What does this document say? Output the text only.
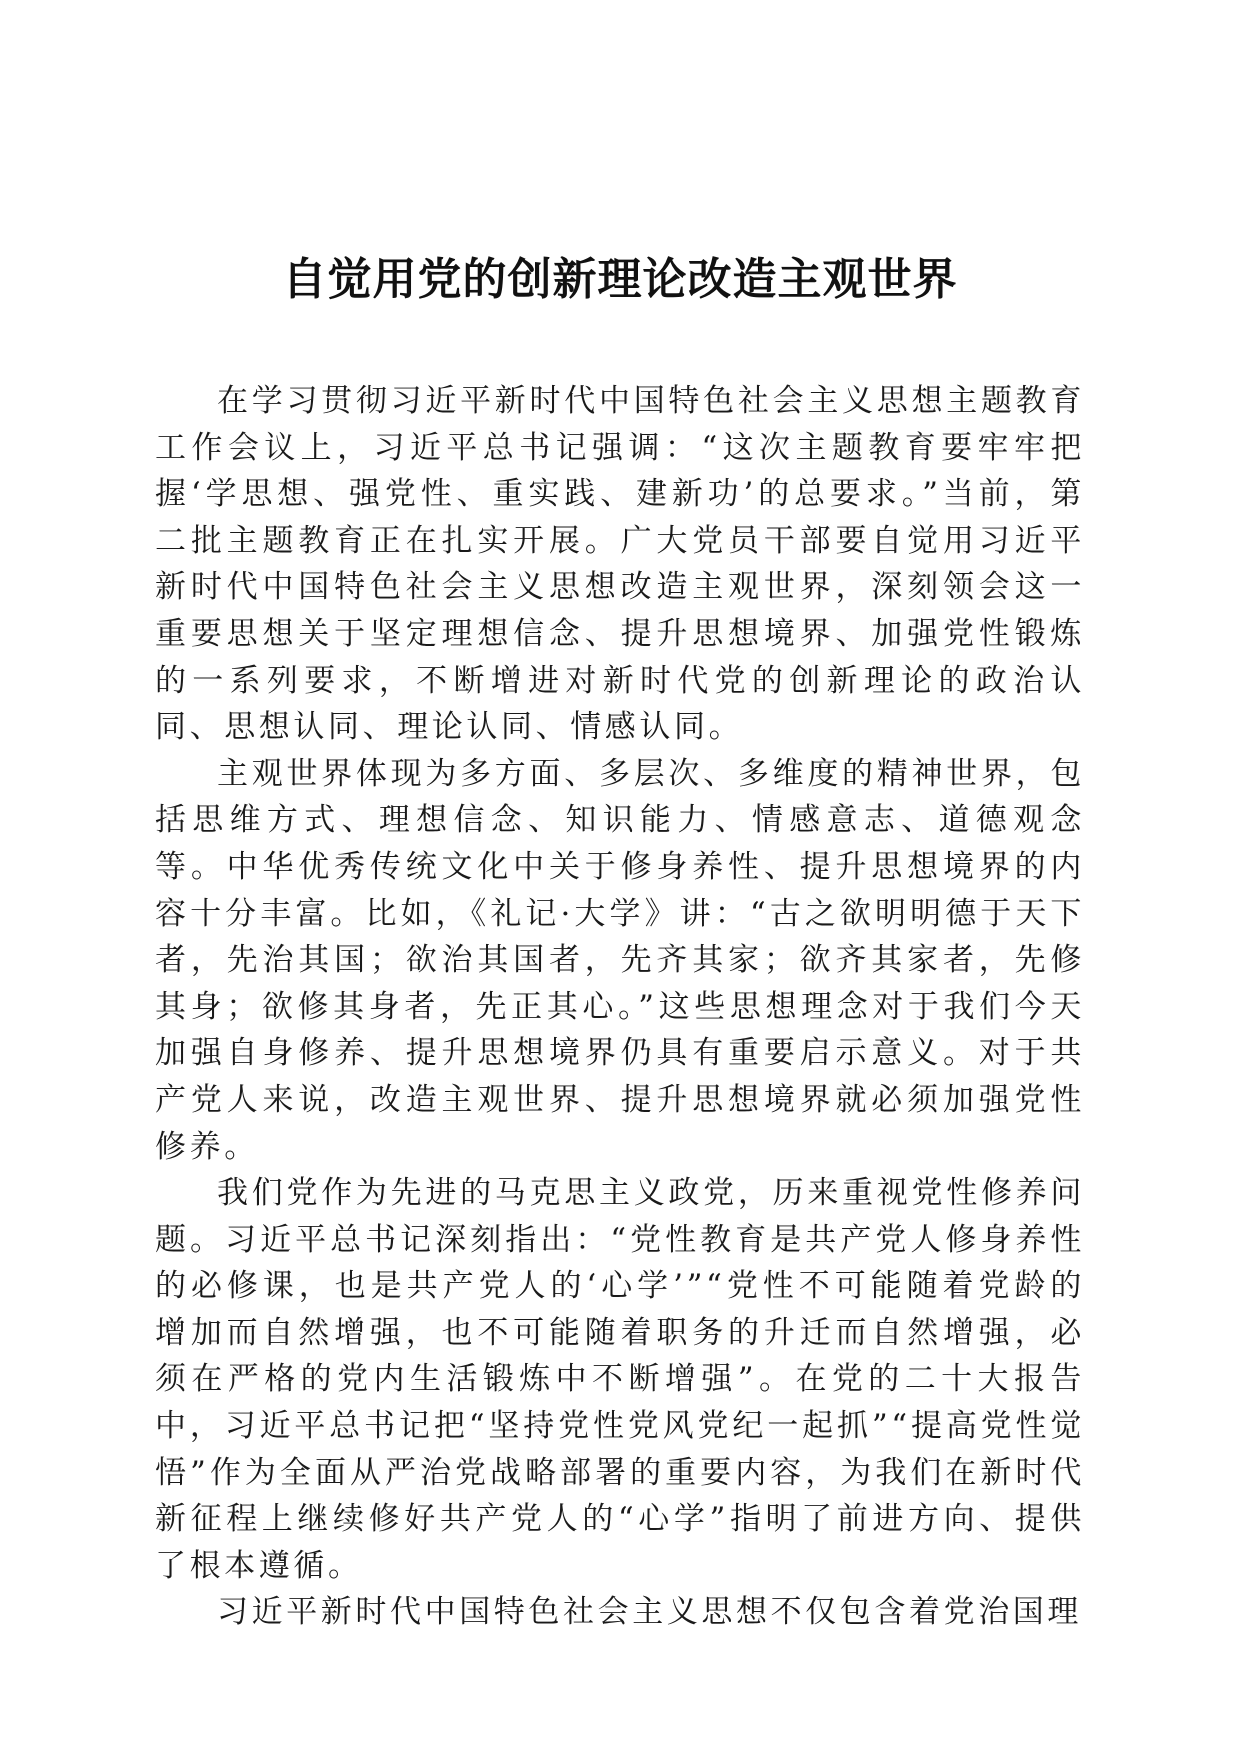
自觉用党的创新理论改造主观世界

在学习贯彻习近平新时代中国特色社会主义思想主题教育工作会议上，习近平总书记强调：“这次主题教育要牢牢把握‘学思想、强党性、重实践、建新功’的总要求。”当前，第二批主题教育正在扎实开展。广大党员干部要自觉用习近平新时代中国特色社会主义思想改造主观世界，深刻领会这一重要思想关于坚定理想信念、提升思想境界、加强党性锻炼的一系列要求，不断增进对新时代党的创新理论的政治认同、思想认同、理论认同、情感认同。

主观世界体现为多方面、多层次、多维度的精神世界，包括思维方式、理想信念、知识能力、情感意志、道德观念等。中华优秀传统文化中关于修身养性、提升思想境界的内容十分丰富。比如，《礼记·大学》讲：“古之欲明明德于天下者，先治其国；欲治其国者，先齐其家；欲齐其家者，先修其身；欲修其身者，先正其心。”这些思想理念对于我们今天加强自身修养、提升思想境界仍具有重要启示意义。对于共产党人来说，改造主观世界、提升思想境界就必须加强党性修养。

我们党作为先进的马克思主义政党，历来重视党性修养问题。习近平总书记深刻指出：“党性教育是共产党人修身养性的必修课，也是共产党人的‘心学’”“党性不可能随着党龄的增加而自然增强，也不可能随着职务的升迁而自然增强，必须在严格的党内生活锻炼中不断增强”。在党的二十大报告中，习近平总书记把“坚持党性党风党纪一起抓”“提高党性觉悟”作为全面从严治党战略部署的重要内容，为我们在新时代新征程上继续修好共产党人的“心学”指明了前进方向、提供了根本遵循。

习近平新时代中国特色社会主义思想不仅包含着党治国理
